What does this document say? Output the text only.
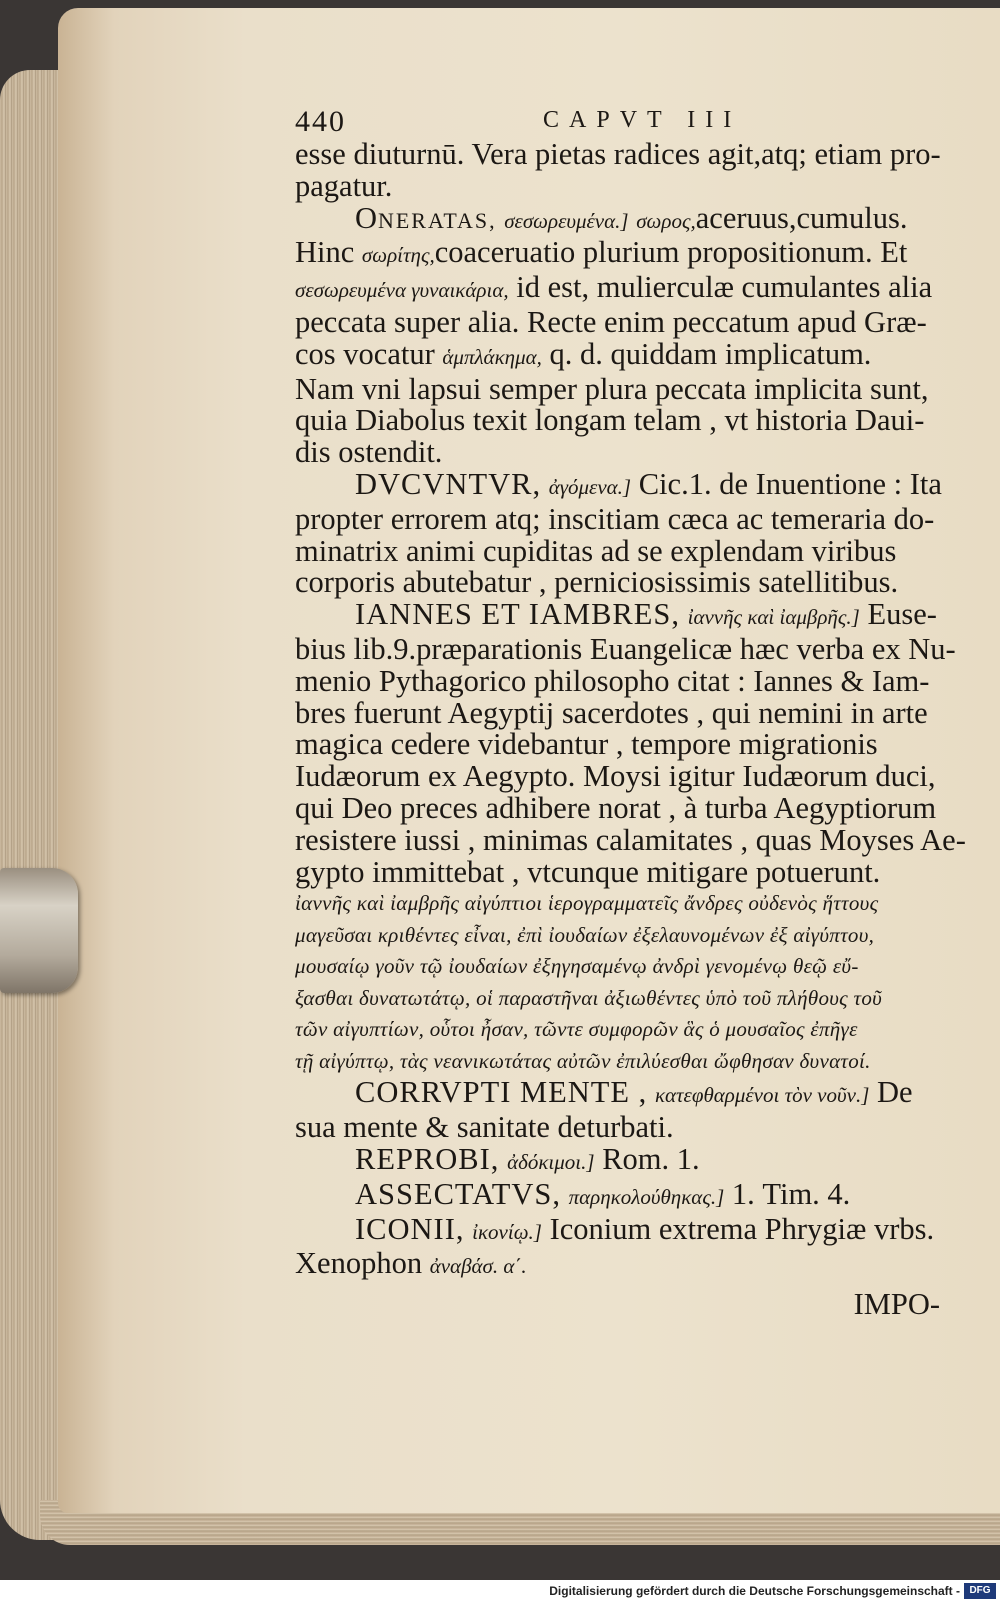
440	CAPVT III
esse diuturnū. Vera pietas radices agit,atq; etiam pro-
pagatur.
ONERATAS, σεσωρευμένα.] σωρος,aceruus,cumulus.
Hinc σωρίτης,coaceruatio plurium propositionum. Et
σεσωρευμένα γυναικάρια, id est, mulierculæ cumulantes alia
peccata super alia. Recte enim peccatum apud Græ-
cos vocatur ἁμπλάκημα, q. d. quiddam implicatum.
Nam vni lapsui semper plura peccata implicita sunt,
quia Diabolus texit longam telam , vt historia Daui-
dis ostendit.
DVCVNTVR, ἀγόμενα.] Cic.1. de Inuentione : Ita
propter errorem atq; inscitiam cæca ac temeraria do-
minatrix animi cupiditas ad se explendam viribus
corporis abutebatur , perniciosissimis satellitibus.
IANNES ET IAMBRES, ἰαννῆς καὶ ἰαμβρῆς.] Euse-
bius lib.9.præparationis Euangelicæ hæc verba ex Nu-
menio Pythagorico philosopho citat : Iannes & Iam-
bres fuerunt Aegyptij sacerdotes , qui nemini in arte
magica cedere videbantur , tempore migrationis
Iudæorum ex Aegypto. Moysi igitur Iudæorum duci,
qui Deo preces adhibere norat , à turba Aegyptiorum
resistere iussi , minimas calamitates , quas Moyses Ae-
gypto immittebat , vtcunque mitigare potuerunt.
ἰαννῆς καὶ ἰαμβρῆς αἰγύπτιοι ἱερογραμματεῖς ἄνδρες οὐδενὸς ἥττους
μαγεῦσαι κριθέντες εἶναι, ἐπὶ ἰουδαίων ἐξελαυνομένων ἐξ αἰγύπτου,
μουσαίῳ γοῦν τῷ ἰουδαίων ἐξηγησαμένῳ ἀνδρὶ γενομένῳ θεῷ εὔ-
ξασθαι δυνατωτάτῳ, οἱ παραστῆναι ἀξιωθέντες ὑπὸ τοῦ πλήθους τοῦ
τῶν αἰγυπτίων, οὗτοι ἦσαν, τῶντε συμφορῶν ἃς ὁ μουσαῖος ἐπῆγε
τῇ αἰγύπτῳ, τὰς νεανικωτάτας αὐτῶν ἐπιλύεσθαι ὤφθησαν δυνατοί.
CORRVPTI MENTE , κατεφθαρμένοι τὸν νοῦν.] De
sua mente & sanitate deturbati.
REPROBI, ἀδόκιμοι.] Rom. 1.
ASSECTATVS, παρηκολούθηκας.] 1. Tim. 4.
ICONII, ἰκονίῳ.] Iconium extrema Phrygiæ vrbs.
Xenophon ἀναβάσ. α΄.
IMPO-
Digitalisierung gefördert durch die Deutsche Forschungsgemeinschaft - DFG
